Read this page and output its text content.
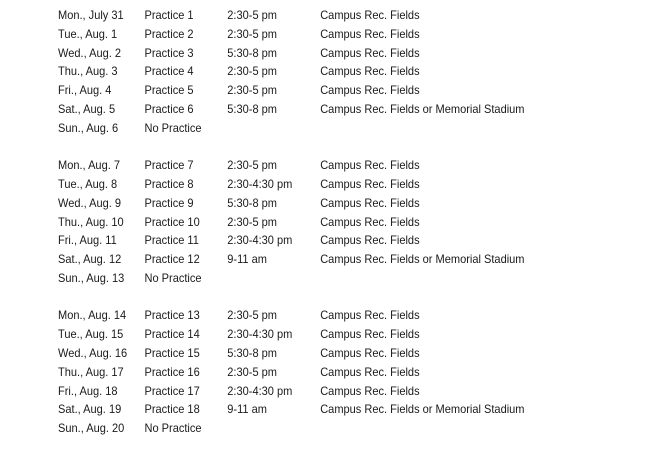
Mon., July 31	Practice 1	2:30-5 pm	Campus Rec. Fields
Tue., Aug. 1	Practice 2	2:30-5 pm	Campus Rec. Fields
Wed., Aug. 2	Practice 3	5:30-8 pm	Campus Rec. Fields
Thu., Aug. 3	Practice 4	2:30-5 pm	Campus Rec. Fields
Fri., Aug. 4	Practice 5	2:30-5 pm	Campus Rec. Fields
Sat., Aug. 5	Practice 6	5:30-8 pm	Campus Rec. Fields or Memorial Stadium
Sun., Aug. 6	No Practice
Mon., Aug. 7	Practice 7	2:30-5 pm	Campus Rec. Fields
Tue., Aug. 8	Practice 8	2:30-4:30 pm	Campus Rec. Fields
Wed., Aug. 9	Practice 9	5:30-8 pm	Campus Rec. Fields
Thu., Aug. 10	Practice 10	2:30-5 pm	Campus Rec. Fields
Fri., Aug. 11	Practice 11	2:30-4:30 pm	Campus Rec. Fields
Sat., Aug. 12	Practice 12	9-11 am	Campus Rec. Fields or Memorial Stadium
Sun., Aug. 13	No Practice
Mon., Aug. 14	Practice 13	2:30-5 pm	Campus Rec. Fields
Tue., Aug. 15	Practice 14	2:30-4:30 pm	Campus Rec. Fields
Wed., Aug. 16	Practice 15	5:30-8 pm	Campus Rec. Fields
Thu., Aug. 17	Practice 16	2:30-5 pm	Campus Rec. Fields
Fri., Aug. 18	Practice 17	2:30-4:30 pm	Campus Rec. Fields
Sat., Aug. 19	Practice 18	9-11 am	Campus Rec. Fields or Memorial Stadium
Sun., Aug. 20	No Practice
